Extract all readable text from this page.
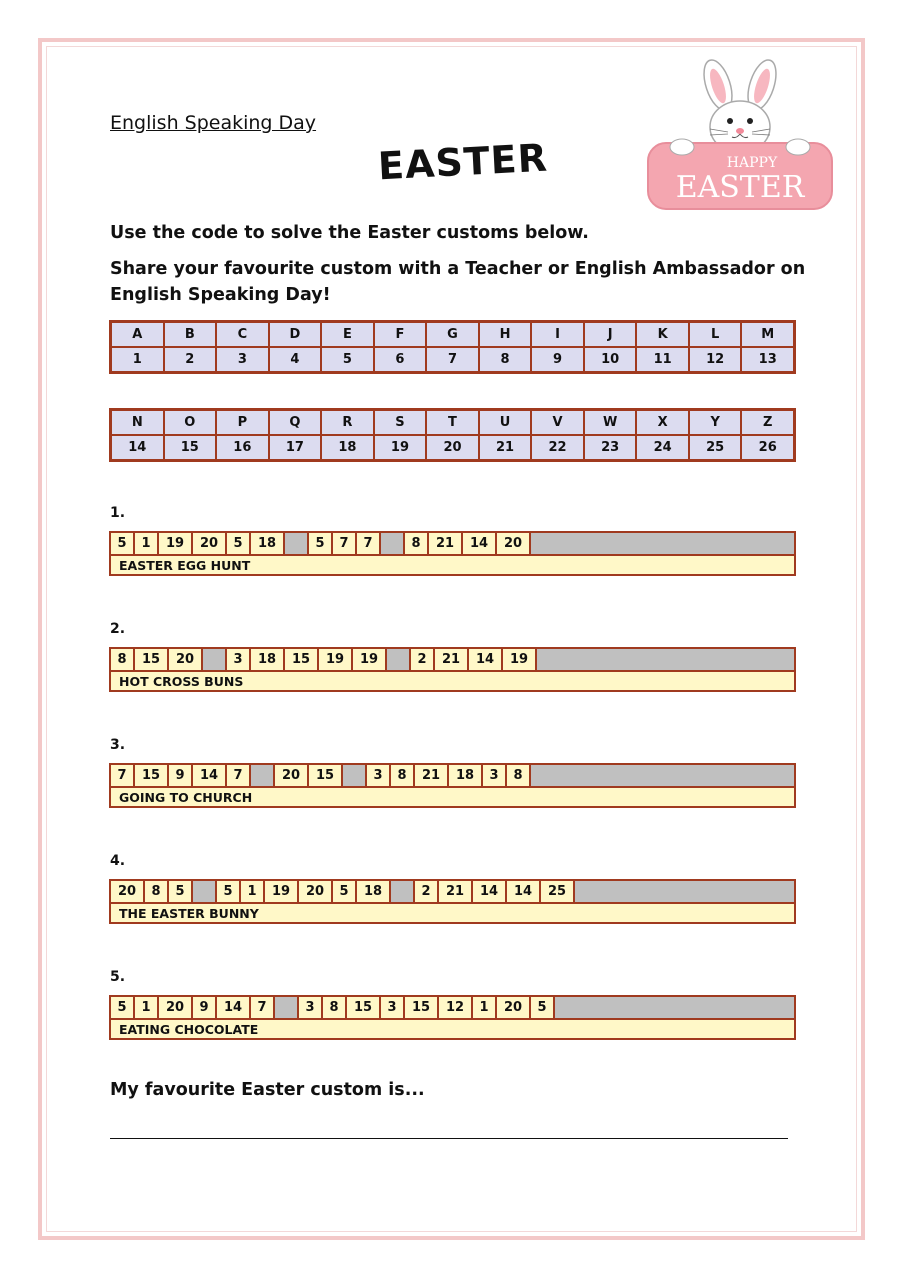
English Speaking Day
EASTER	HAPPY
EASTER
Use the code to solve the Easter customs below.
Share your favourite custom with a Teacher or English Ambassador on English Speaking Day!
A	B	C	D	E	F	G	H	I	J	K	L	M
1	2	3	4	5	6	7	8	9	10	11	12	13
N	O	P	Q	R	S	T	U	V	W	X	Y	Z
14	15	16	17	18	19	20	21	22	23	24	25	26
1.
5	1	19	20	5	18	5	7	7	8	21	14	20
EASTER EGG HUNT
2.
8	15	20	3	18	15	19	19	2	21	14	19
HOT CROSS BUNS
3.
7	15	9	14	7	20	15	3	8	21	18	3	8
GOING TO CHURCH
4.
20	8	5	5	1	19	20	5	18	2	21	14	14	25
THE EASTER BUNNY
5.
5	1	20	9	14	7	3	8	15	3	15	12	1	20	5
EATING CHOCOLATE
My favourite Easter custom is...
